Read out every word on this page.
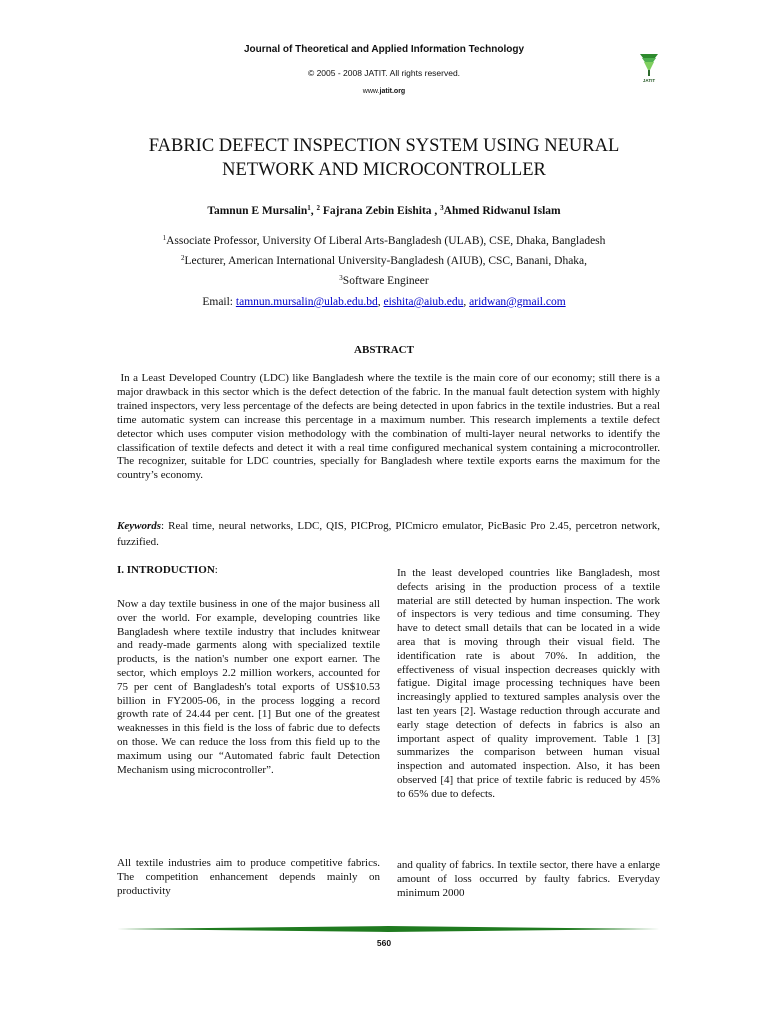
Journal of Theoretical and Applied Information Technology
© 2005 - 2008 JATIT. All rights reserved.
www.jatit.org
JATIT
FABRIC DEFECT INSPECTION SYSTEM USING NEURAL
NETWORK AND MICROCONTROLLER
Tamnun E Mursalin$^1$, $^2$ Fajrana Zebin Eishita , $^3$Ahmed Ridwanul Islam
$^1$Associate Professor, University Of Liberal Arts-Bangladesh (ULAB), CSE, Dhaka, Bangladesh
$^2$Lecturer, American International University-Bangladesh (AIUB), CSC, Banani, Dhaka,
$^3$Software Engineer
Email: tamnun.mursalin@ulab.edu.bd, eishita@aiub.edu, aridwan@gmail.com
ABSTRACT
In a Least Developed Country (LDC) like Bangladesh where the textile is the main core of our economy; still there is a major drawback in this sector which is the defect detection of the fabric. In the manual fault detection system with highly trained inspectors, very less percentage of the defects are being detected in upon fabrics in the textile industries. But a real time automatic system can increase this percentage in a maximum number. This research implements a textile defect detector which uses computer vision methodology with the combination of multi-layer neural networks to identify the classification of textile defects and detect it with a real time configured mechanical system containing a microcontroller. The recognizer, suitable for LDC countries, specially for Bangladesh where textile exports earns the maximum for the country’s economy.
Keywords: Real time, neural networks, LDC, QIS, PICProg, PICmicro emulator, PicBasic Pro 2.45, percetron network, fuzzified.
I. INTRODUCTION:
Now a day textile business in one of the major business all over the world. For example, developing countries like Bangladesh where textile industry that includes knitwear and ready-made garments along with specialized textile products, is the nation's number one export earner. The sector, which employs 2.2 million workers, accounted for 75 per cent of Bangladesh's total exports of US$10.53 billion in FY2005-06, in the process logging a record growth rate of 24.44 per cent. [1] But one of the greatest weaknesses in this field is the loss of fabric due to defects on those. We can reduce the loss from this field up to the maximum using our “Automated fabric fault Detection Mechanism using microcontroller”.
All textile industries aim to produce competitive fabrics. The competition enhancement depends mainly on productivity
In the least developed countries like Bangladesh, most defects arising in the production process of a textile material are still detected by human inspection. The work of inspectors is very tedious and time consuming. They have to detect small details that can be located in a wide area that is moving through their visual field. The identification rate is about 70%. In addition, the effectiveness of visual inspection decreases quickly with fatigue. Digital image processing techniques have been increasingly applied to textured samples analysis over the last ten years [2]. Wastage reduction through accurate and early stage detection of defects in fabrics is also an important aspect of quality improvement. Table 1 [3] summarizes the comparison between human visual inspection and automated inspection. Also, it has been observed [4] that price of textile fabric is reduced by 45% to 65% due to defects.
and quality of fabrics. In textile sector, there have a enlarge amount of loss occurred by faulty fabrics. Everyday minimum 2000
560
